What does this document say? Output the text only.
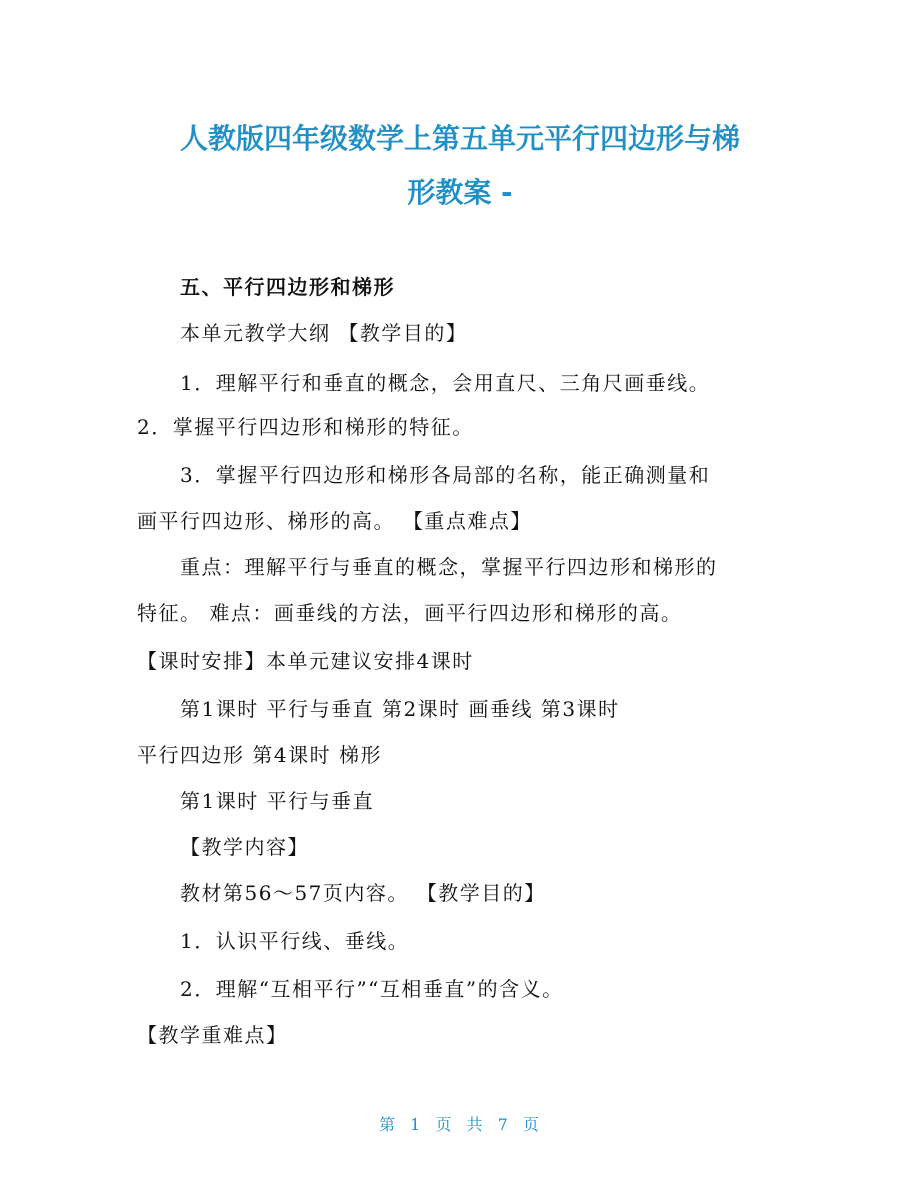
人教版四年级数学上第五单元平行四边形与梯
形教案 -
五、平行四边形和梯形
本单元教学大纲 【教学目的】
1．理解平行和垂直的概念，会用直尺、三角尺画垂线。
2．掌握平行四边形和梯形的特征。
3．掌握平行四边形和梯形各局部的名称，能正确测量和
画平行四边形、梯形的高。 【重点难点】
重点：理解平行与垂直的概念，掌握平行四边形和梯形的
特征。 难点：画垂线的方法，画平行四边形和梯形的高。
【课时安排】本单元建议安排4课时
第1课时 平行与垂直 第2课时 画垂线 第3课时
平行四边形 第4课时 梯形
第1课时 平行与垂直
【教学内容】
教材第56～57页内容。 【教学目的】
1．认识平行线、垂线。
2．理解“互相平行”“互相垂直”的含义。
【教学重难点】
第 1 页 共 7 页
